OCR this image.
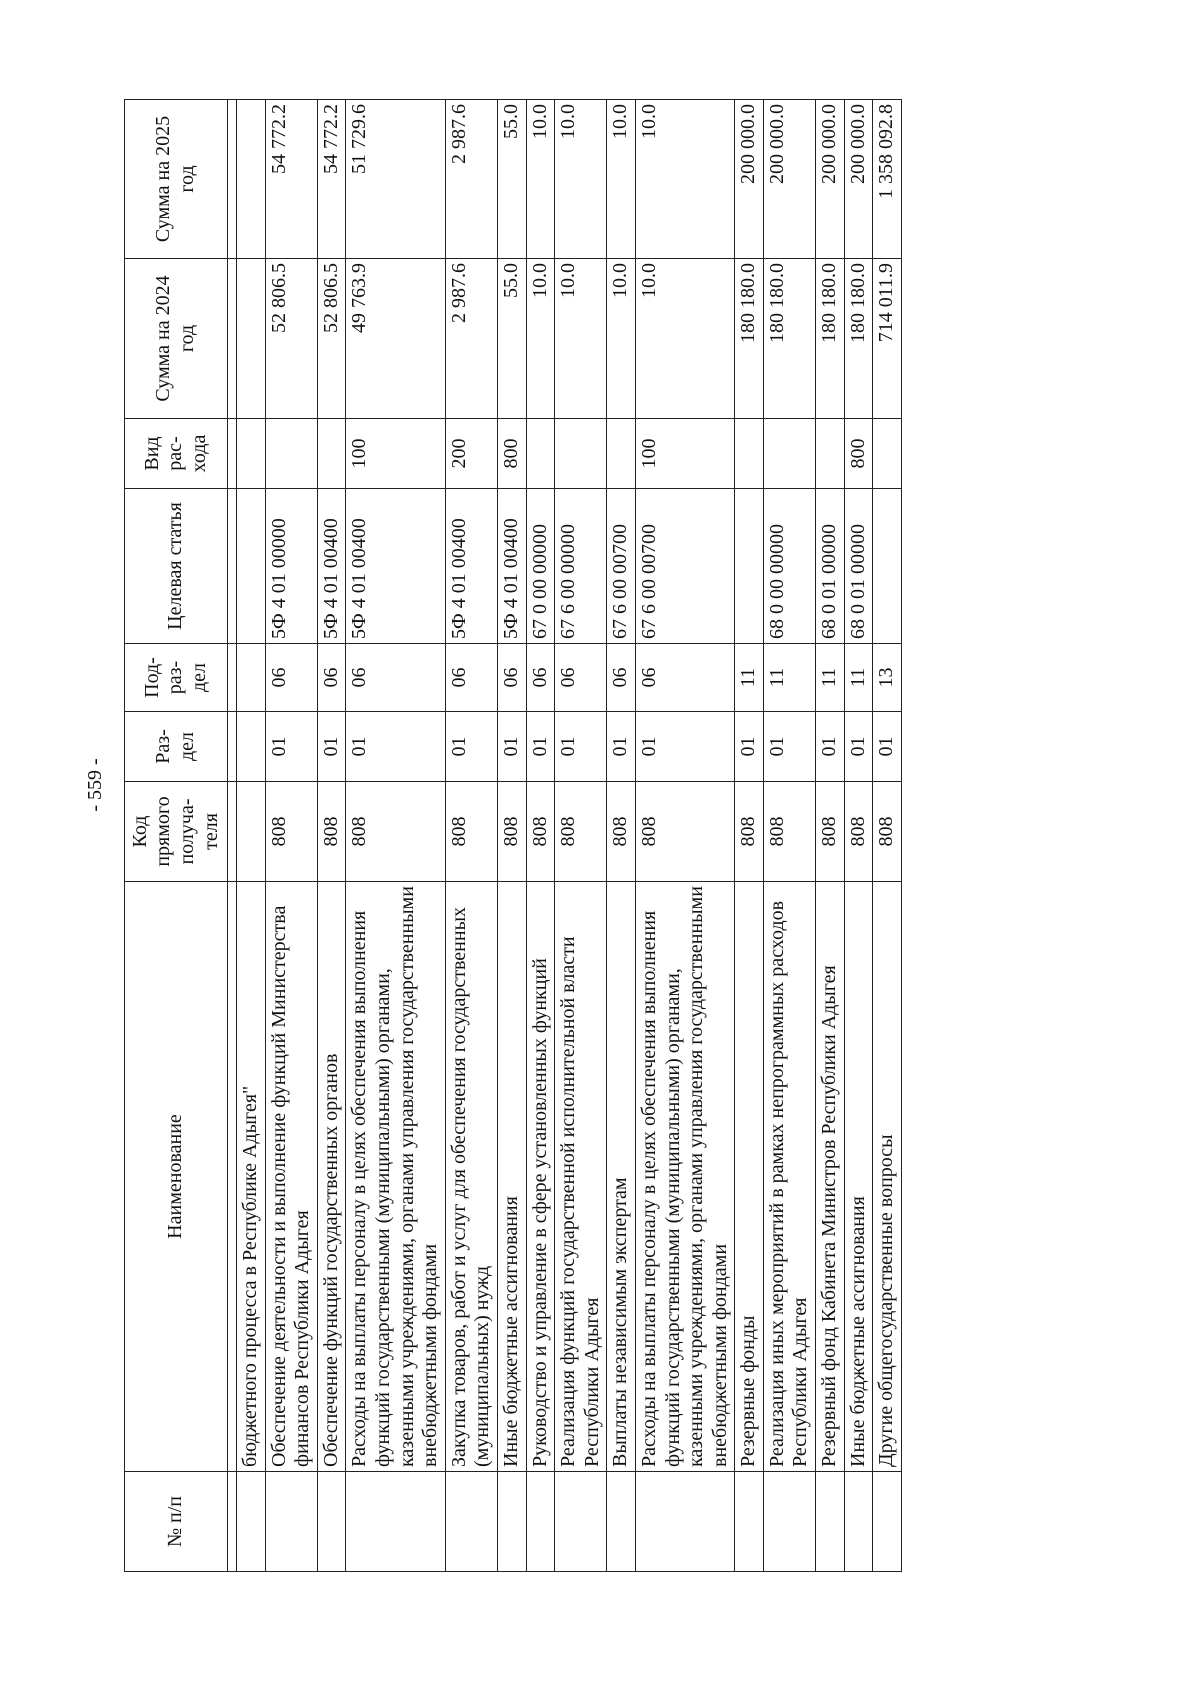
- 559 -
№ п/п	Наименование	Код прямого получа- теля	Раз- дел	Под- раз- дел	Целевая статья	Вид рас- хода	Сумма на 2024 год	Сумма на 2025 год

	бюджетного процесса в Республике Адыгея"							
	Обеспечение деятельности и выполнение функций Министерства финансов Республики Адыгея	808	01	06	5Ф 4 01 00000		52 806.5	54 772.2
	Обеспечение функций государственных органов	808	01	06	5Ф 4 01 00400		52 806.5	54 772.2
	Расходы на выплаты персоналу в целях обеспечения выполнения функций государственными (муниципальными) органами, казенными учреждениями, органами управления государственными внебюджетными фондами	808	01	06	5Ф 4 01 00400	100	49 763.9	51 729.6
	Закупка товаров, работ и услуг для обеспечения государственных (муниципальных) нужд	808	01	06	5Ф 4 01 00400	200	2 987.6	2 987.6
	Иные бюджетные ассигнования	808	01	06	5Ф 4 01 00400	800	55.0	55.0
	Руководство и управление в сфере установленных функций	808	01	06	67 0 00 00000		10.0	10.0
	Реализация функций государственной исполнительной власти Республики Адыгея	808	01	06	67 6 00 00000		10.0	10.0
	Выплаты независимым экспертам	808	01	06	67 6 00 00700		10.0	10.0
	Расходы на выплаты персоналу в целях обеспечения выполнения функций государственными (муниципальными) органами, казенными учреждениями, органами управления государственными внебюджетными фондами	808	01	06	67 6 00 00700	100	10.0	10.0
	Резервные фонды	808	01	11			180 180.0	200 000.0
	Реализация иных мероприятий в рамках непрограммных расходов Республики Адыгея	808	01	11	68 0 00 00000		180 180.0	200 000.0
	Резервный фонд Кабинета Министров Республики Адыгея	808	01	11	68 0 01 00000		180 180.0	200 000.0
	Иные бюджетные ассигнования	808	01	11	68 0 01 00000	800	180 180.0	200 000.0
	Другие общегосударственные вопросы	808	01	13			714 011.9	1 358 092.8
